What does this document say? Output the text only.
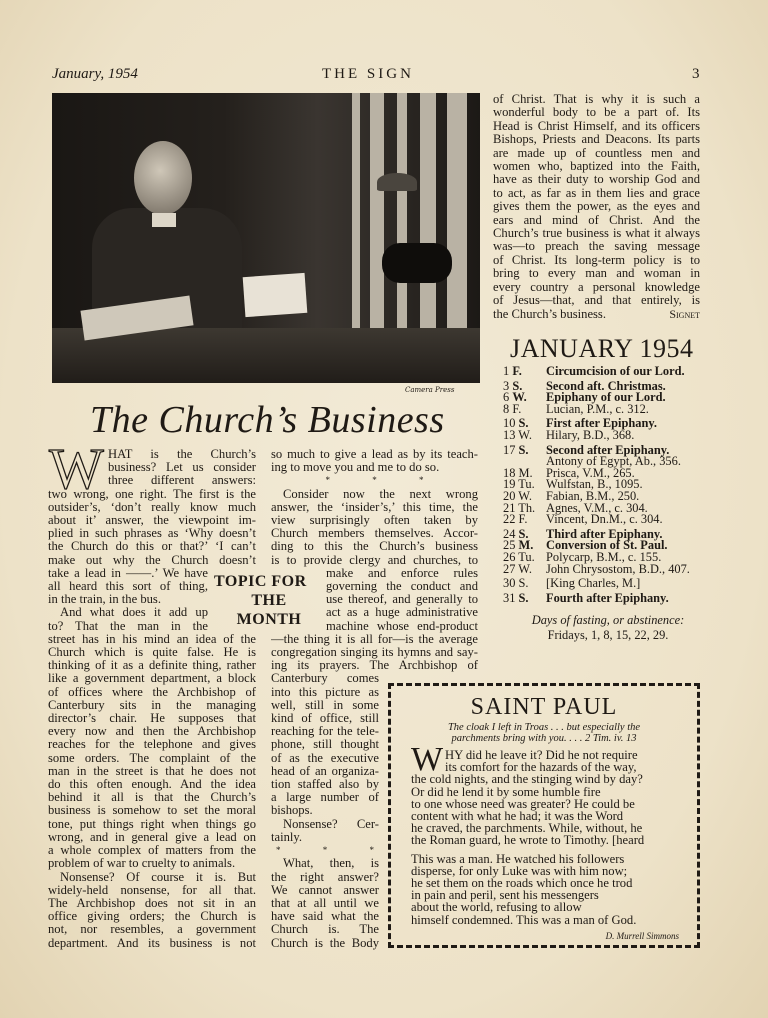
January, 1954	THE SIGN	3
Camera Press
The Church’s Business
W HAT is the Church’s
business? Let us consider
three different answers:
two wrong, one right. The first is the
outsider’s, ‘don’t really know much
about it’ answer, the viewpoint im-
plied in such phrases as ‘Why doesn’t
the Church do this or that?’ ‘I can’t
make out why the Church doesn’t
take a lead in ——.’ We have
all heard this sort of thing,
in the train, in the bus.
And what does it add up
to? That the man in the
street has in his mind an idea of the
Church which is quite false. He is
thinking of it as a definite thing, rather
like a government department, a block
of offices where the Archbishop of
Canterbury sits in the managing
director’s chair. He supposes that
every now and then the Archbishop
reaches for the telephone and gives
some orders. The complaint of the
man in the street is that he does not
do this often enough. And the idea
behind it all is that the Church’s
business is somehow to set the moral
tone, put things right when things go
wrong, and in general give a lead on
a whole complex of matters from the
problem of war to cruelty to animals.
Nonsense? Of course it is. But
widely-held nonsense, for all that.
The Archbishop does not sit in an
office giving orders; the Church is
not, nor resembles, a government
department. And its business is not
so much to give a lead as by its teach-
ing to move you and me to do so.
* * *
Consider now the next wrong
answer, the ‘insider’s,’ this time, the
view surprisingly often taken by
Church members themselves. Accor-
ding to this the Church’s business
is to provide clergy and churches, to
make and enforce rules
governing the conduct and
use thereof, and generally to
act as a huge administrative
machine whose end-product
—the thing it is all for—is the average
congregation singing its hymns and say-
ing its prayers. The Archbishop of
Canterbury comes
into this picture as
well, still in some
kind of office, still
reaching for the tele-
phone, still thought
of as the executive
head of an organiza-
tion staffed also by
a large number of
bishops.
Nonsense? Cer-
tainly.
* * *
What, then, is
the right answer?
We cannot answer
that at all until we
have said what the
Church is. The
Church is the Body
TOPIC FOR
THE
MONTH
of Christ. That is why it is such a
wonderful body to be a part of. Its
Head is Christ Himself, and its officers
Bishops, Priests and Deacons. Its parts
are made up of countless men and
women who, baptized into the Faith,
have as their duty to worship God and
to act, as far as in them lies and grace
gives them the power, as the eyes and
ears and mind of Christ. And the
Church’s true business is what it always
was—to preach the saving message
of Christ. Its long-term policy is to
bring to every man and woman in
every country a personal knowledge
of Jesus—that, and that entirely, is
the Church’s business.	Signet
JANUARY 1954
1 F.	Circumcision of our Lord.
3 S.	Second aft. Christmas.
6 W.	Epiphany of our Lord.
8 F.	Lucian, P.M., c. 312.
10 S.	First after Epiphany.
13 W.	Hilary, B.D., 368.
17 S.	Second after Epiphany.
Antony of Egypt, Ab., 356.
18 M.	Prisca, V.M., 265.
19 Tu. Wulfstan, B., 1095.
20 W.	Fabian, B.M., 250.
21 Th. Agnes, V.M., c. 304.
22 F.	Vincent, Dn.M., c. 304.
24 S.	Third after Epiphany.
25 M.	Conversion of St. Paul.
26 Tu. Polycarp, B.M., c. 155.
27 W.	John Chrysostom, B.D., 407.
30 S.	[King Charles, M.]
31 S.	Fourth after Epiphany.
Days of fasting, or abstinence:
Fridays, 1, 8, 15, 22, 29.
SAINT PAUL
The cloak I left in Troas . . . but especially the
parchments bring with you. . . . 2 Tim. iv. 13
W HY did he leave it? Did he not require
its comfort for the hazards of the way,
the cold nights, and the stinging wind by day?
Or did he lend it by some humble fire
to one whose need was greater? He could be
content with what he had; it was the Word
he craved, the parchments. While, without, he
the Roman guard, he wrote to Timothy. [heard
This was a man. He watched his followers
disperse, for only Luke was with him now;
he set them on the roads which once he trod
in pain and peril, sent his messengers
about the world, refusing to allow
himself condemned. This was a man of God.
D. Murrell Simmons
